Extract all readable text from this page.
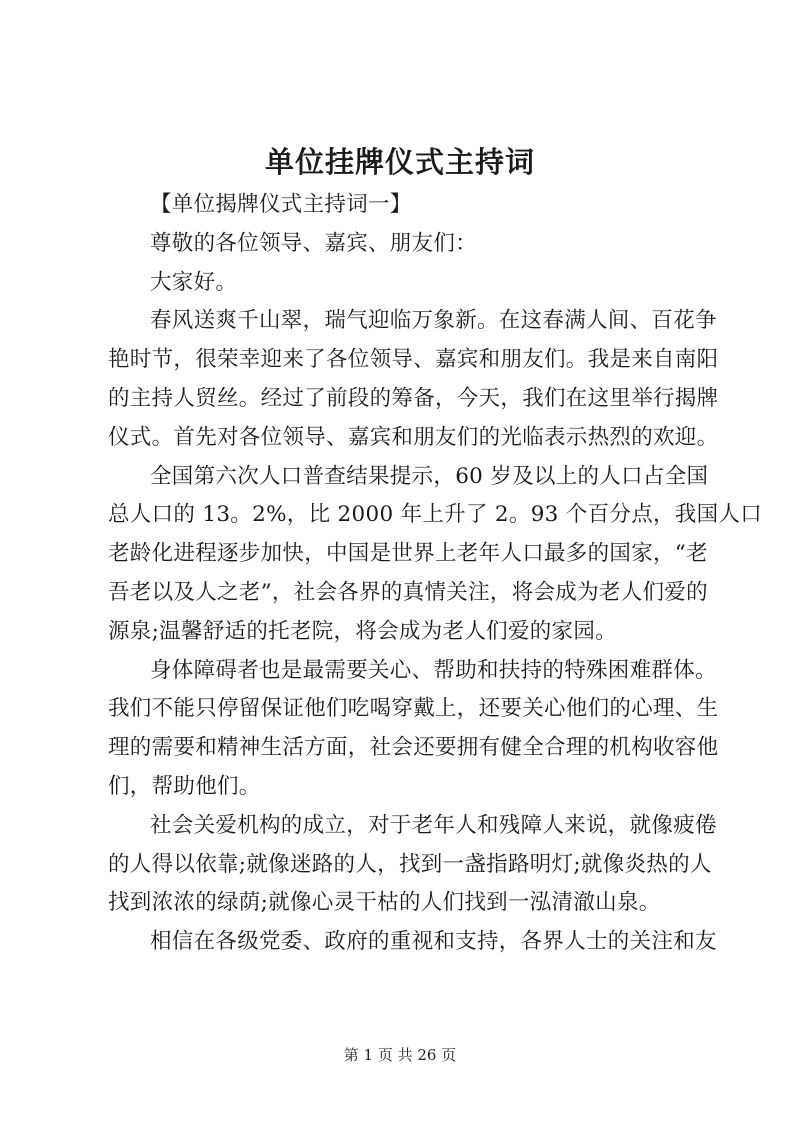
单位挂牌仪式主持词
【单位揭牌仪式主持词一】
尊敬的各位领导、嘉宾、朋友们：
大家好。
春风送爽千山翠，瑞气迎临万象新。在这春满人间、百花争
艳时节，很荣幸迎来了各位领导、嘉宾和朋友们。我是来自南阳
的主持人贸丝。经过了前段的筹备，今天，我们在这里举行揭牌
仪式。首先对各位领导、嘉宾和朋友们的光临表示热烈的欢迎。
全国第六次人口普查结果提示，60 岁及以上的人口占全国
总人口的 13。2%，比 2000 年上升了 2。93 个百分点，我国人口
老龄化进程逐步加快，中国是世界上老年人口最多的国家，“老
吾老以及人之老”，社会各界的真情关注，将会成为老人们爱的
源泉;温馨舒适的托老院，将会成为老人们爱的家园。
身体障碍者也是最需要关心、帮助和扶持的特殊困难群体。
我们不能只停留保证他们吃喝穿戴上，还要关心他们的心理、生
理的需要和精神生活方面，社会还要拥有健全合理的机构收容他
们，帮助他们。
社会关爱机构的成立，对于老年人和残障人来说，就像疲倦
的人得以依靠;就像迷路的人，找到一盏指路明灯;就像炎热的人
找到浓浓的绿荫;就像心灵干枯的人们找到一泓清澈山泉。
相信在各级党委、政府的重视和支持，各界人士的关注和友
第 1 页 共 26 页
